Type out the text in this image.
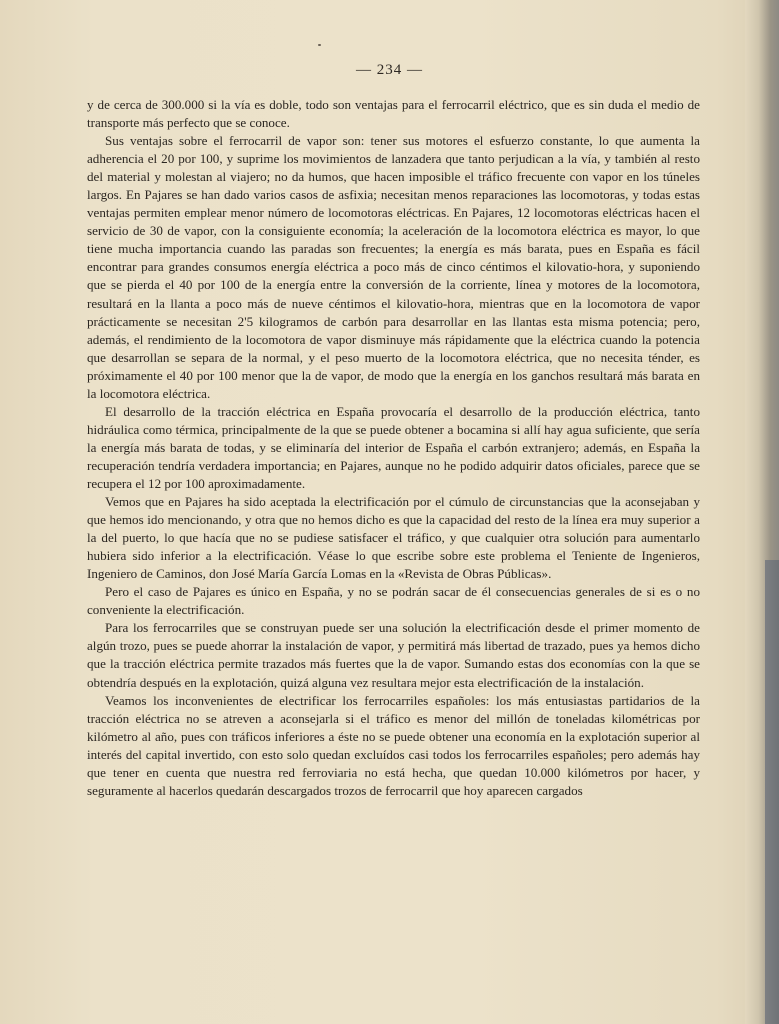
— 234 —

y de cerca de 300.000 si la vía es doble, todo son ventajas para el ferrocarril eléctrico, que es sin duda el medio de transporte más perfecto que se conoce.

Sus ventajas sobre el ferrocarril de vapor son: tener sus motores el esfuerzo constante, lo que aumenta la adherencia el 20 por 100, y suprime los movimientos de lanzadera que tanto perjudican a la vía, y también al resto del material y molestan al viajero; no da humos, que hacen imposible el tráfico frecuente con vapor en los túneles largos. En Pajares se han dado varios casos de asfixia; necesitan menos reparaciones las locomotoras, y todas estas ventajas permiten emplear menor número de locomotoras eléctricas. En Pajares, 12 locomotoras eléctricas hacen el servicio de 30 de vapor, con la consiguiente economía; la aceleración de la locomotora eléctrica es mayor, lo que tiene mucha importancia cuando las paradas son frecuentes; la energía es más barata, pues en España es fácil encontrar para grandes consumos energía eléctrica a poco más de cinco céntimos el kilovatio-hora, y suponiendo que se pierda el 40 por 100 de la energía entre la conversión de la corriente, línea y motores de la locomotora, resultará en la llanta a poco más de nueve céntimos el kilovatio-hora, mientras que en la locomotora de vapor prácticamente se necesitan 2'5 kilogramos de carbón para desarrollar en las llantas esta misma potencia; pero, además, el rendimiento de la locomotora de vapor disminuye más rápidamente que la eléctrica cuando la potencia que desarrollan se separa de la normal, y el peso muerto de la locomotora eléctrica, que no necesita ténder, es próximamente el 40 por 100 menor que la de vapor, de modo que la energía en los ganchos resultará más barata en la locomotora eléctrica.

El desarrollo de la tracción eléctrica en España provocaría el desarrollo de la producción eléctrica, tanto hidráulica como térmica, principalmente de la que se puede obtener a bocamina si allí hay agua suficiente, que sería la energía más barata de todas, y se eliminaría del interior de España el carbón extranjero; además, en España la recuperación tendría verdadera importancia; en Pajares, aunque no he podido adquirir datos oficiales, parece que se recupera el 12 por 100 aproximadamente.

Vemos que en Pajares ha sido aceptada la electrificación por el cúmulo de circunstancias que la aconsejaban y que hemos ido mencionando, y otra que no hemos dicho es que la capacidad del resto de la línea era muy superior a la del puerto, lo que hacía que no se pudiese satisfacer el tráfico, y que cualquier otra solución para aumentarlo hubiera sido inferior a la electrificación. Véase lo que escribe sobre este problema el Teniente de Ingenieros, Ingeniero de Caminos, don José María García Lomas en la «Revista de Obras Públicas».

Pero el caso de Pajares es único en España, y no se podrán sacar de él consecuencias generales de si es o no conveniente la electrificación.

Para los ferrocarriles que se construyan puede ser una solución la electrificación desde el primer momento de algún trozo, pues se puede ahorrar la instalación de vapor, y permitirá más libertad de trazado, pues ya hemos dicho que la tracción eléctrica permite trazados más fuertes que la de vapor. Sumando estas dos economías con la que se obtendría después en la explotación, quizá alguna vez resultara mejor esta electrificación de la instalación.

Veamos los inconvenientes de electrificar los ferrocarriles españoles: los más entusiastas partidarios de la tracción eléctrica no se atreven a aconsejarla si el tráfico es menor del millón de toneladas kilométricas por kilómetro al año, pues con tráficos inferiores a éste no se puede obtener una economía en la explotación superior al interés del capital invertido, con esto solo quedan excluídos casi todos los ferrocarriles españoles; pero además hay que tener en cuenta que nuestra red ferroviaria no está hecha, que quedan 10.000 kilómetros por hacer, y seguramente al hacerlos quedarán descargados trozos de ferrocarril que hoy aparecen cargados
